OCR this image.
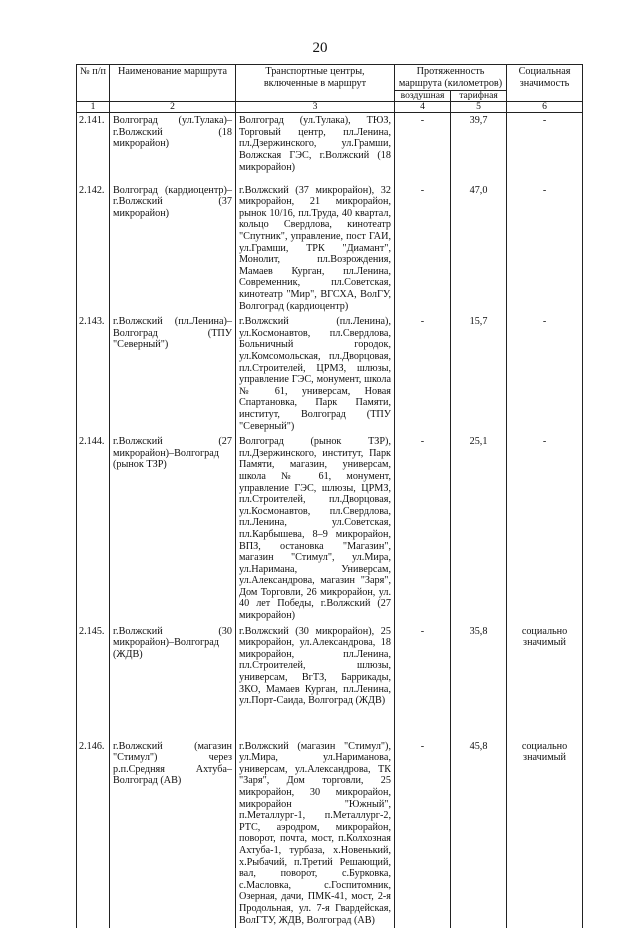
20
№ п/п	Наименование маршрута	Транспортные центры, включенные в маршрут	Протяженность маршрута (километров)		Социальная значимость
			воздушная	тарифная	
1	2	3	4	5	6
2.141.	Волгоград (ул.Тулака)–г.Волжский (18 микрорайон)	Волгоград (ул.Тулака), ТЮЗ, Торговый центр, пл.Ленина, пл.Дзержинского, ул.Грамши, Волжская ГЭС, г.Волжский (18 микрорайон)	-	39,7	-
2.142.	Волгоград (кардиоцентр)–г.Волжский (37 микрорайон)	г.Волжский (37 микрорайон), 32 микрорайон, 21 микрорайон, рынок 10/16, пл.Труда, 40 квартал, кольцо Свердлова, кинотеатр "Спутник", управление, пост ГАИ, ул.Грамши, ТРК "Диамант", Монолит, пл.Возрождения, Мамаев Курган, пл.Ленина, Современник, пл.Советская, кинотеатр "Мир", ВГСХА, ВолГУ, Волгоград (кардиоцентр)	-	47,0	-
2.143.	г.Волжский (пл.Ленина)–Волгоград (ТПУ "Северный")	г.Волжский (пл.Ленина), ул.Космонавтов, пл.Свердлова, Больничный городок, ул.Комсомольская, пл.Дворцовая, пл.Строителей, ЦРМЗ, шлюзы, управление ГЭС, монумент, школа № 61, универсам, Новая Спартановка, Парк Памяти, институт, Волгоград (ТПУ "Северный")	-	15,7	-
2.144.	г.Волжский (27 микрорайон)–Волгоград (рынок ТЗР)	Волгоград (рынок ТЗР), пл.Дзержинского, институт, Парк Памяти, магазин, универсам, школа № 61, монумент, управление ГЭС, шлюзы, ЦРМЗ, пл.Строителей, пл.Дворцовая, ул.Космонавтов, пл.Свердлова, пл.Ленина, ул.Советская, пл.Карбышева, 8–9 микрорайон, ВПЗ, остановка "Магазин", магазин "Стимул", ул.Мира, ул.Наримана, Универсам, ул.Александрова, магазин "Заря", Дом Торговли, 26 микрорайон, ул. 40 лет Победы, г.Волжский (27 микрорайон)	-	25,1	-
2.145.	г.Волжский (30 микрорайон)–Волгоград (ЖДВ)	г.Волжский (30 микрорайон), 25 микрорайон, ул.Александрова, 18 микрорайон, пл.Ленина, пл.Строителей, шлюзы, универсам, ВгТЗ, Баррикады, ЗКО, Мамаев Курган, пл.Ленина, ул.Порт-Саида, Волгоград (ЖДВ)	-	35,8	социально значимый
2.146.	г.Волжский (магазин "Стимул") через р.п.Средняя Ахтуба–Волгоград (АВ)	г.Волжский (магазин "Стимул"), ул.Мира, ул.Наримановa, универсам, ул.Александрова, ТК "Заря", Дом торговли, 25 микрорайон, 30 микрорайон, микрорайон "Южный", п.Металлург-1, п.Металлург-2, РТС, аэродром, микрорайон, поворот, почта, мост, п.Колхозная Ахтуба-1, турбаза, х.Новенький, х.Рыбачий, п.Третий Решающий, вал, поворот, с.Бурковка, с.Масловка, с.Госпитомник, Озерная, дачи, ПМК-41, мост, 2-я Продольная, ул. 7-я Гвардейская, ВолГТУ, ЖДВ, Волгоград (АВ)	-	45,8	социально значимый
